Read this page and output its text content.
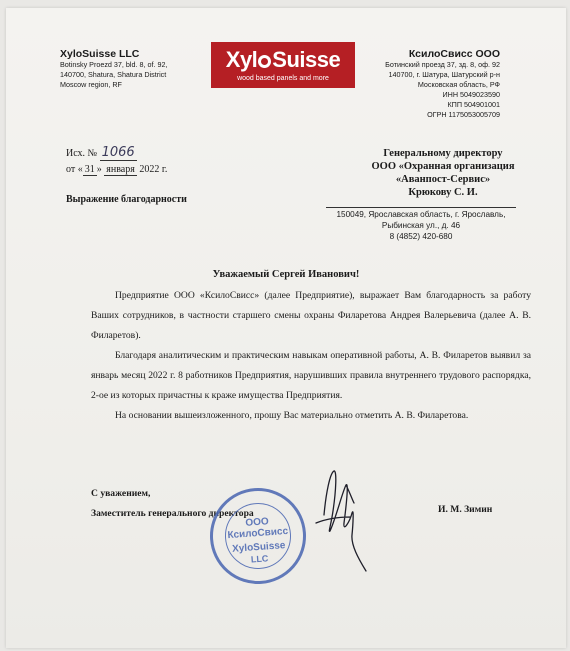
XyloSuisse LLC
Botinsky Proezd 37, bld. 8, of. 92,
140700, Shatura, Shatura District
Moscow region, RF
Xyl Suisse
wood based panels and more
КсилоСвисс ООО
Ботинский проезд 37, зд. 8, оф. 92
140700, г. Шатура, Шатурский р-н
Московская область, РФ
ИНН 5049023590
КПП 504901001
ОГРН 1175053005709
Исх. № 1066
от « 31 » января 2022 г.
Выражение благодарности
Генеральному директору
ООО «Охранная организация
«Аванпост-Сервис»
Крюкову С. И.
150049, Ярославская область, г. Ярославль,
Рыбинская ул., д. 46
8 (4852) 420-680
Уважаемый Сергей Иванович!

Предприятие ООО «КсилоСвисс» (далее Предприятие), выражает Вам благодарность за работу Ваших сотрудников, в частности старшего смены охраны Филаретова Андрея Валерьевича (далее А. В. Филаретов).

Благодаря аналитическим и практическим навыкам оперативной работы, А. В. Филаретов выявил за январь месяц 2022 г. 8 работников Предприятия, нарушивших правила внутреннего трудового распорядка, 2-ое из которых причастны к краже имущества Предприятия.

На основании вышеизложенного, прошу Вас материально отметить А. В. Филаретова.

С уважением,
Заместитель генерального директора	И. М. Зимин
ООО
КсилоСвисс
XyloSuisse
LLC
